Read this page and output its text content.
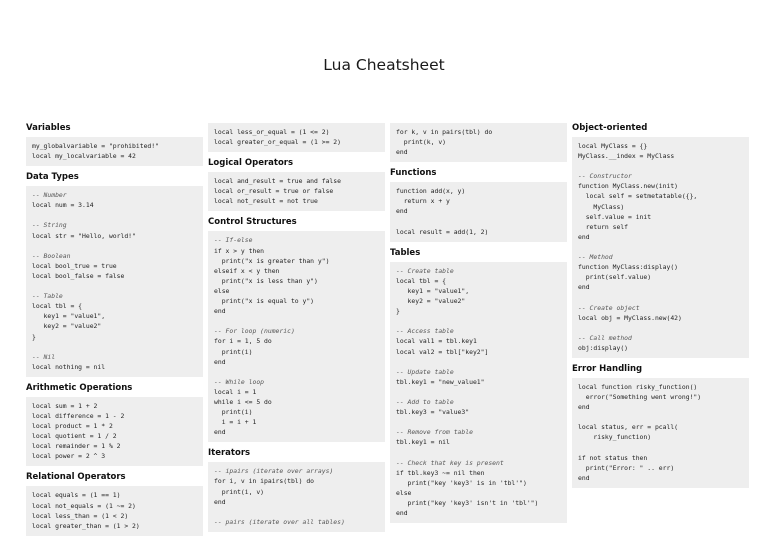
Lua Cheatsheet
Variables
my_globalvariable = "prohibited!"
local my_localvariable = 42
Data Types
-- Number
local num = 3.14
-- String
local str = "Hello, world!"
-- Boolean
local bool_true = true
local bool_false = false
-- Table
local tbl = {
key1 = "value1",
key2 = "value2"
}
-- Nil
local nothing = nil
Arithmetic Operations
local sum = 1 + 2
local difference = 1 - 2
local product = 1 * 2
local quotient = 1 / 2
local remainder = 1 % 2
local power = 2 ^ 3
Relational Operators
local equals = (1 == 1)
local not_equals = (1 ~= 2)
local less_than = (1 < 2)
local greater_than = (1 > 2)
local less_or_equal = (1 <= 2)
local greater_or_equal = (1 >= 2)
Logical Operators
local and_result = true and false
local or_result = true or false
local not_result = not true
Control Structures
-- If-else
if x > y then
print("x is greater than y")
elseif x < y then
print("x is less than y")
else
print("x is equal to y")
end
-- For loop (numeric)
for i = 1, 5 do
print(i)
end
-- While loop
local i = 1
while i <= 5 do
print(i)
i = i + 1
end
Iterators
-- ipairs (iterate over arrays)
for i, v in ipairs(tbl) do
print(i, v)
end
-- pairs (iterate over all tables)
for k, v in pairs(tbl) do
print(k, v)
end
Functions
function add(x, y)
return x + y
end
local result = add(1, 2)
Tables
-- Create table
local tbl = {
key1 = "value1",
key2 = "value2"
}
-- Access table
local val1 = tbl.key1
local val2 = tbl["key2"]
-- Update table
tbl.key1 = "new_value1"
-- Add to table
tbl.key3 = "value3"
-- Remove from table
tbl.key1 = nil
-- Check that key is present
if tbl.key3 ~= nil then
print("key 'key3' is in 'tbl'")
else
print("key 'key3' isn't in 'tbl'")
end
Object-oriented
local MyClass = {}
MyClass.__index = MyClass
-- Constructor
function MyClass.new(init)
local self = setmetatable({},
MyClass)
self.value = init
return self
end
-- Method
function MyClass:display()
print(self.value)
end
-- Create object
local obj = MyClass.new(42)
-- Call method
obj:display()
Error Handling
local function risky_function()
error("Something went wrong!")
end
local status, err = pcall(
risky_function)
if not status then
print("Error: " .. err)
end
